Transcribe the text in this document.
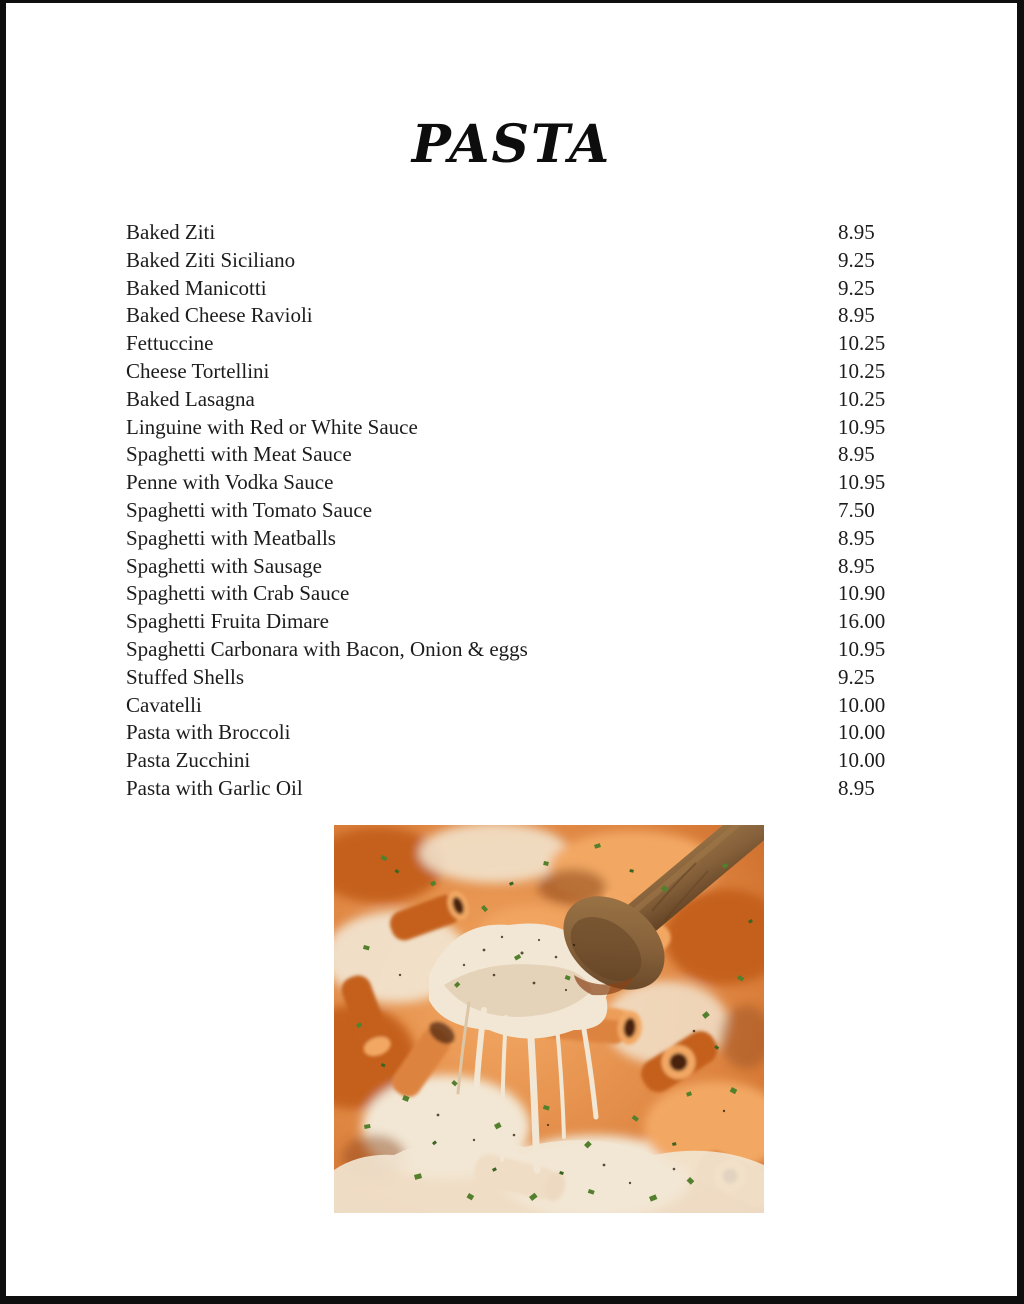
PASTA
Baked Ziti	8.95
Baked Ziti Siciliano	9.25
Baked Manicotti	9.25
Baked Cheese Ravioli	8.95
Fettuccine	10.25
Cheese Tortellini	10.25
Baked Lasagna	10.25
Linguine with Red or White Sauce	10.95
Spaghetti with Meat Sauce	8.95
Penne with Vodka Sauce	10.95
Spaghetti with Tomato Sauce	7.50
Spaghetti with Meatballs	8.95
Spaghetti with Sausage	8.95
Spaghetti with Crab Sauce	10.90
Spaghetti Fruita Dimare	16.00
Spaghetti Carbonara with Bacon, Onion & eggs	10.95
Stuffed Shells	9.25
Cavatelli	10.00
Pasta with Broccoli	10.00
Pasta Zucchini	10.00
Pasta with Garlic Oil	8.95
